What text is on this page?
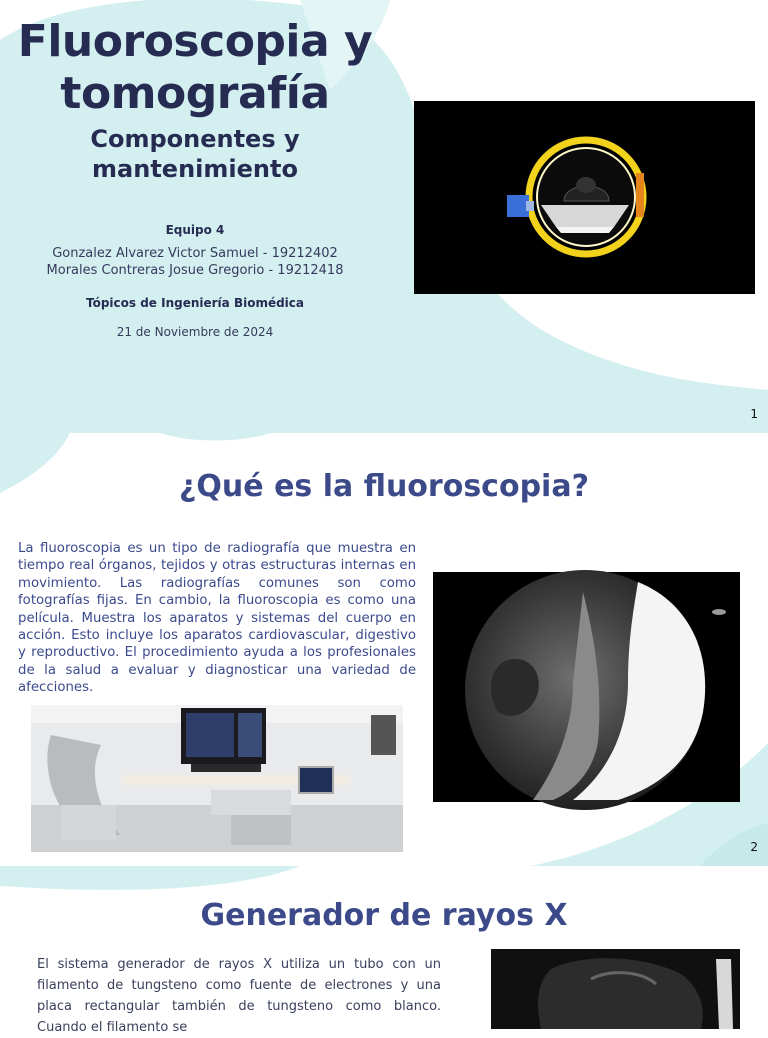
Fluoroscopia y
tomografía
Componentes y
mantenimiento
Equipo 4
Gonzalez Alvarez Victor Samuel - 19212402
Morales Contreras Josue Gregorio - 19212418
Tópicos de Ingeniería Biomédica
21 de Noviembre de 2024
1
¿Qué es la fluoroscopia?
La fluoroscopia es un tipo de radiografía que muestra en tiempo real órganos, tejidos y otras estructuras internas en movimiento. Las radiografías comunes son como fotografías fijas. En cambio, la fluoroscopia es como una película. Muestra los aparatos y sistemas del cuerpo en acción. Esto incluye los aparatos cardiovascular, digestivo y reproductivo. El procedimiento ayuda a los profesionales de la salud a evaluar y diagnosticar una variedad de afecciones.
2
Generador de rayos X
El sistema generador de rayos X utiliza un tubo con un filamento de tungsteno como fuente de electrones y una placa rectangular también de tungsteno como blanco. Cuando el filamento se
